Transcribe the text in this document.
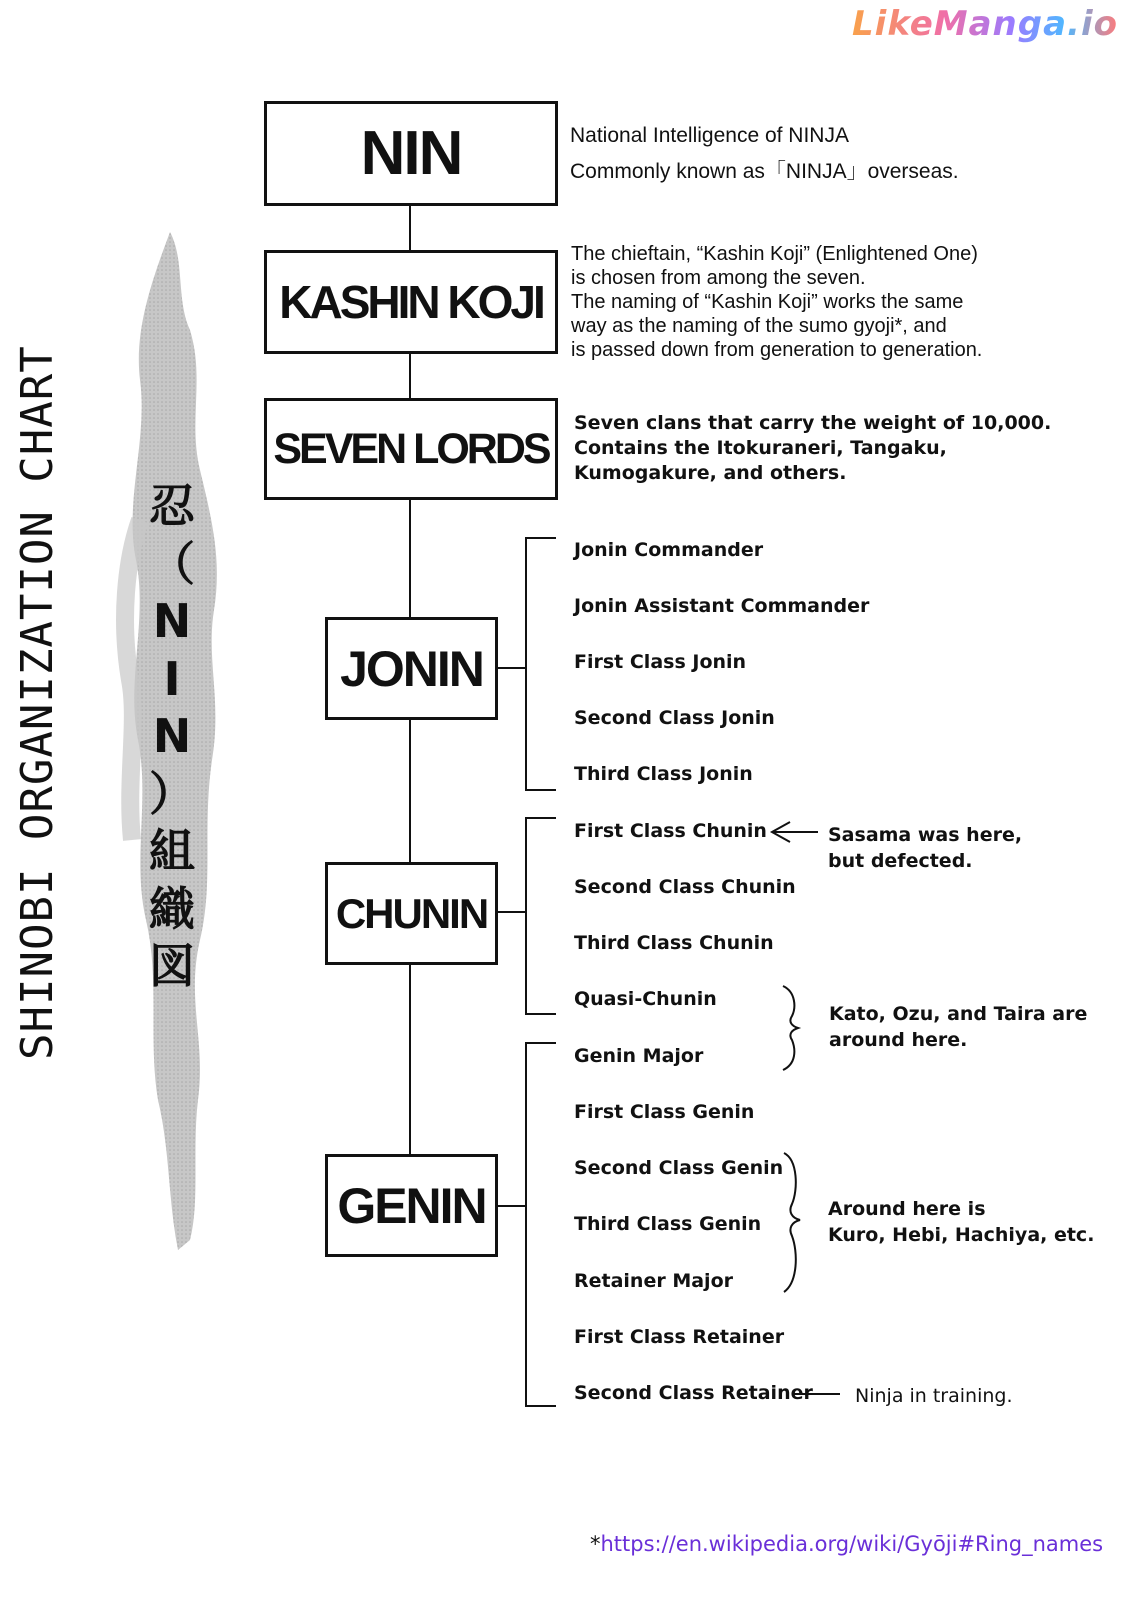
LikeManga.io
SHINOBI ORGANIZATION CHART 忍
（
N
I
N
）
組
織
図
NIN
KASHIN KOJI
SEVEN LORDS
JONIN
CHUNIN
GENIN
National Intelligence of NINJA
Commonly known as「NINJA」overseas.
The chieftain, “Kashin Koji” (Enlightened One)
is chosen from among the seven.
The naming of “Kashin Koji” works the same
way as the naming of the sumo gyoji*, and
is passed down from generation to generation.
Seven clans that carry the weight of 10,000.
Contains the Itokuraneri, Tangaku,
Kumogakure, and others.
Jonin Commander
Jonin Assistant Commander
First Class Jonin
Second Class Jonin
Third Class Jonin
First Class Chunin
Second Class Chunin
Third Class Chunin
Quasi-Chunin
Genin Major
First Class Genin
Second Class Genin
Third Class Genin
Retainer Major
First Class Retainer
Second Class Retainer
Sasama was here,
but defected.
Kato, Ozu, and Taira are
around here.
Around here is
Kuro, Hebi, Hachiya, etc.
Ninja in training.
*https://en.wikipedia.org/wiki/Gyōji#Ring_names
